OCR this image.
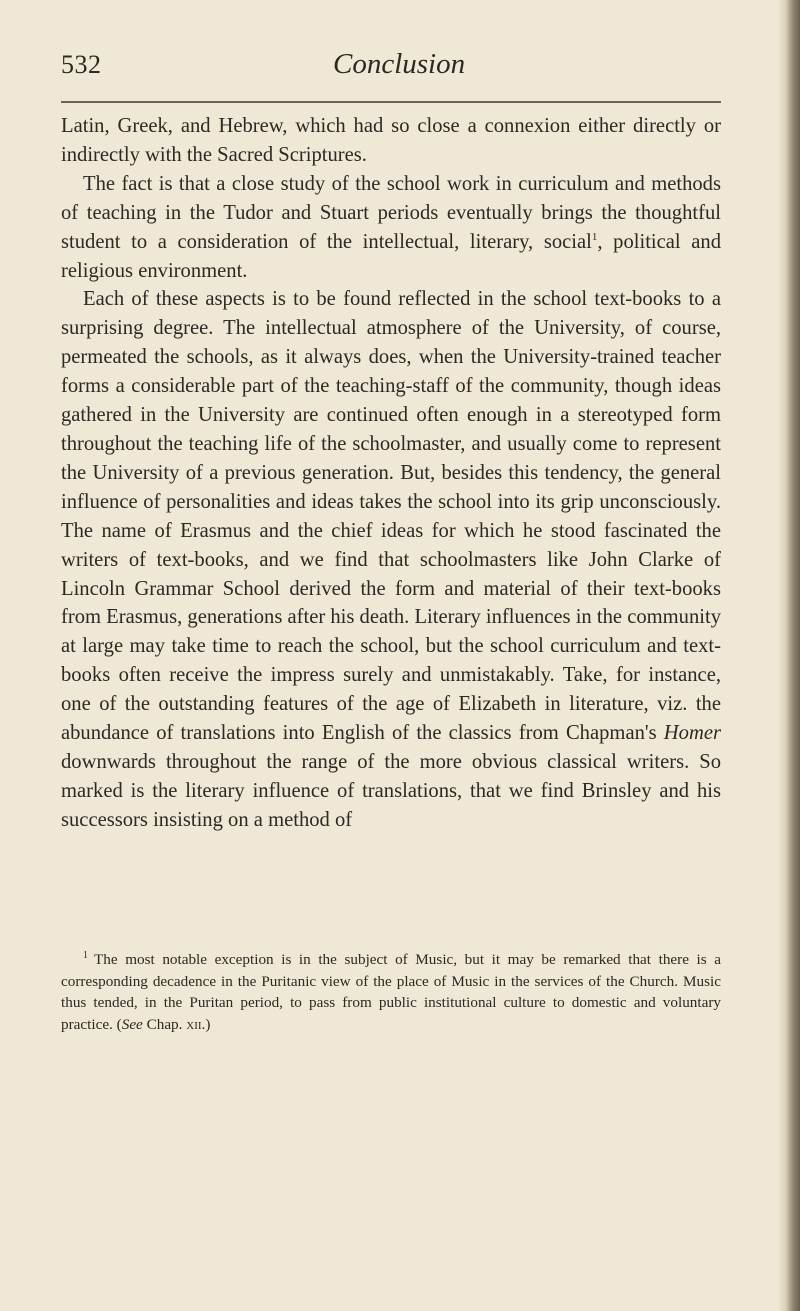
532	Conclusion

Latin, Greek, and Hebrew, which had so close a connexion either directly or indirectly with the Sacred Scriptures.

The fact is that a close study of the school work in curriculum and methods of teaching in the Tudor and Stuart periods eventually brings the thoughtful student to a consideration of the intellectual, literary, social$^1$, political and religious environment.

Each of these aspects is to be found reflected in the school text-books to a surprising degree. The intellectual atmosphere of the University, of course, permeated the schools, as it always does, when the University-trained teacher forms a considerable part of the teaching-staff of the community, though ideas gathered in the University are continued often enough in a stereotyped form throughout the teaching life of the schoolmaster, and usually come to represent the University of a previous generation. But, besides this tendency, the general influence of personalities and ideas takes the school into its grip unconsciously. The name of Erasmus and the chief ideas for which he stood fascinated the writers of text-books, and we find that schoolmasters like John Clarke of Lincoln Grammar School derived the form and material of their text-books from Erasmus, generations after his death. Literary influences in the community at large may take time to reach the school, but the school curriculum and text-books often receive the impress surely and unmistakably. Take, for instance, one of the outstanding features of the age of Elizabeth in literature, viz. the abundance of translations into English of the classics from Chapman's Homer downwards throughout the range of the more obvious classical writers. So marked is the literary influence of translations, that we find Brinsley and his successors insisting on a method of

$^1$ The most notable exception is in the subject of Music, but it may be remarked that there is a corresponding decadence in the Puritanic view of the place of Music in the services of the Church. Music thus tended, in the Puritan period, to pass from public institutional culture to domestic and voluntary practice. (See Chap. xii.)
